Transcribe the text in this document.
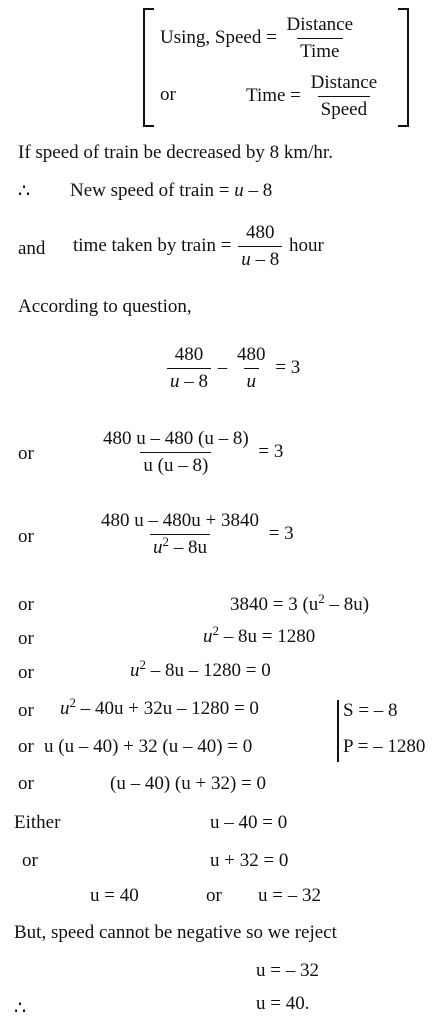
Using, Speed = $\frac{\text{Distance}}{\text{Time}}$
or	Time = $\frac{\text{Distance}}{\text{Speed}}$
If speed of train be decreased by 8 km/hr.
∴ New speed of train = u – 8
and time taken by train = $\frac{480}{u - 8}$ hour
According to question,
$\frac{480}{u - 8} - \frac{480}{u} = 3$
or	$\frac{480 u - 480 (u - 8)}{u (u - 8)} = 3$
or	$\frac{480 u - 480u + 3840}{u^2 - 8u} = 3$
or	3840 = 3 $(u^2 - 8u)$
or	$u^2 - 8u = 1280$
or	$u^2 - 8u - 1280 = 0$
or $u^2 - 40u + 32u - 1280 = 0$	S = – 8
or u (u – 40) + 32 (u – 40) = 0	P = – 1280
or	(u – 40) (u + 32) = 0
Either	u – 40 = 0
or	u + 32 = 0
u = 40	or u = – 32
But, speed cannot be negative so we reject
u = – 32
∴	u = 40.
